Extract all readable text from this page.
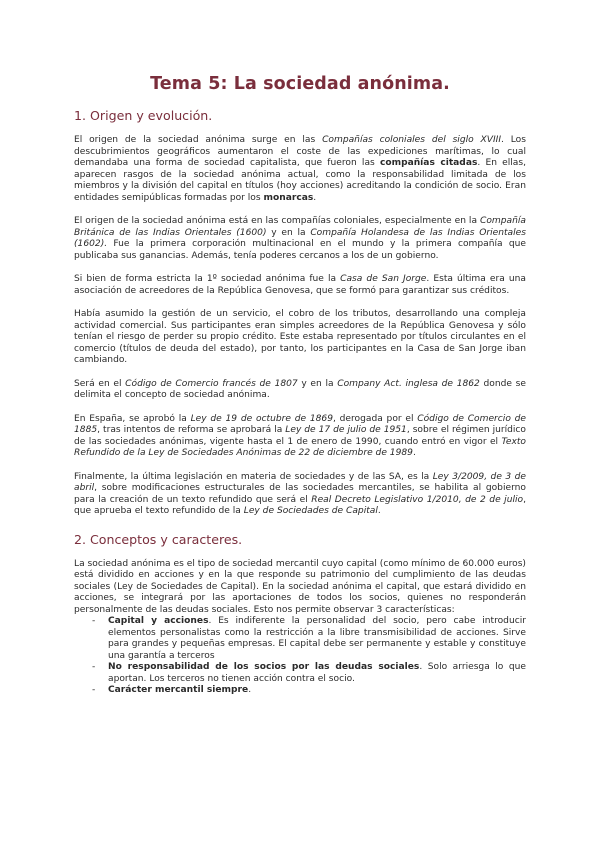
Tema 5: La sociedad anónima.
1. Origen y evolución.

El origen de la sociedad anónima surge en las Compañías coloniales del siglo XVIII. Los descubrimientos geográficos aumentaron el coste de las expediciones marítimas, lo cual demandaba una forma de sociedad capitalista, que fueron las compañías citadas. En ellas, aparecen rasgos de la sociedad anónima actual, como la responsabilidad limitada de los miembros y la división del capital en títulos (hoy acciones) acreditando la condición de socio. Eran entidades semipúblicas formadas por los monarcas.

El origen de la sociedad anónima está en las compañías coloniales, especialmente en la Compañía Británica de las Indias Orientales (1600) y en la Compañía Holandesa de las Indias Orientales (1602). Fue la primera corporación multinacional en el mundo y la primera compañía que publicaba sus ganancias. Además, tenía poderes cercanos a los de un gobierno.

Si bien de forma estricta la 1º sociedad anónima fue la Casa de San Jorge. Esta última era una asociación de acreedores de la República Genovesa, que se formó para garantizar sus créditos.

Había asumido la gestión de un servicio, el cobro de los tributos, desarrollando una compleja actividad comercial. Sus participantes eran simples acreedores de la República Genovesa y sólo tenían el riesgo de perder su propio crédito. Este estaba representado por títulos circulantes en el comercio (títulos de deuda del estado), por tanto, los participantes en la Casa de San Jorge iban cambiando.

Será en el Código de Comercio francés de 1807 y en la Company Act. inglesa de 1862 donde se delimita el concepto de sociedad anónima.

En España, se aprobó la Ley de 19 de octubre de 1869, derogada por el Código de Comercio de 1885, tras intentos de reforma se aprobará la Ley de 17 de julio de 1951, sobre el régimen jurídico de las sociedades anónimas, vigente hasta el 1 de enero de 1990, cuando entró en vigor el Texto Refundido de la Ley de Sociedades Anónimas de 22 de diciembre de 1989.

Finalmente, la última legislación en materia de sociedades y de las SA, es la Ley 3/2009, de 3 de abril, sobre modificaciones estructurales de las sociedades mercantiles, se habilita al gobierno para la creación de un texto refundido que será el Real Decreto Legislativo 1/2010, de 2 de julio, que aprueba el texto refundido de la Ley de Sociedades de Capital.

2. Conceptos y caracteres.

La sociedad anónima es el tipo de sociedad mercantil cuyo capital (como mínimo de 60.000 euros) está dividido en acciones y en la que responde su patrimonio del cumplimiento de las deudas sociales (Ley de Sociedades de Capital). En la sociedad anónima el capital, que estará dividido en acciones, se integrará por las aportaciones de todos los socios, quienes no responderán personalmente de las deudas sociales. Esto nos permite observar 3 características:

- Capital y acciones. Es indiferente la personalidad del socio, pero cabe introducir elementos personalistas como la restricción a la libre transmisibilidad de acciones. Sirve para grandes y pequeñas empresas. El capital debe ser permanente y estable y constituye una garantía a terceros
- No responsabilidad de los socios por las deudas sociales. Solo arriesga lo que aportan. Los terceros no tienen acción contra el socio.
- Carácter mercantil siempre.
